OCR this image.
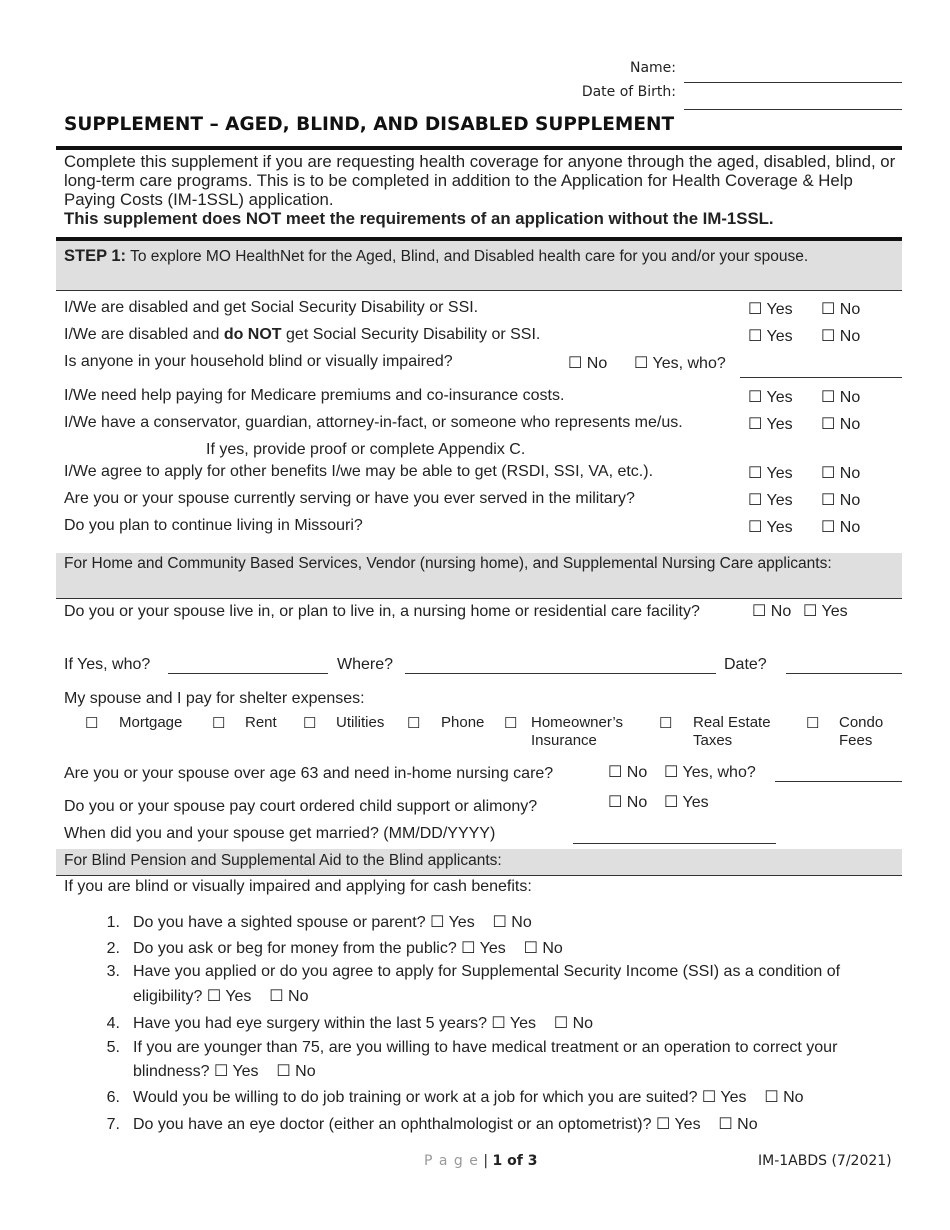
Name:
Date of Birth:
SUPPLEMENT – AGED, BLIND, AND DISABLED SUPPLEMENT
Complete this supplement if you are requesting health coverage for anyone through the aged, disabled, blind, or long-term care programs. This is to be completed in addition to the Application for Health Coverage & Help Paying Costs (IM-1SSL) application.
This supplement does NOT meet the requirements of an application without the IM-1SSL.
STEP 1: To explore MO HealthNet for the Aged, Blind, and Disabled health care for you and/or your spouse.
I/We are disabled and get Social Security Disability or SSI.	☐ Yes ☐ No
I/We are disabled and do NOT get Social Security Disability or SSI.	☐ Yes ☐ No
Is anyone in your household blind or visually impaired?	☐ No ☐ Yes, who?
I/We need help paying for Medicare premiums and co-insurance costs.	☐ Yes ☐ No
I/We have a conservator, guardian, attorney-in-fact, or someone who represents me/us.	☐ Yes ☐ No
If yes, provide proof or complete Appendix C.
I/We agree to apply for other benefits I/we may be able to get (RSDI, SSI, VA, etc.).	☐ Yes ☐ No
Are you or your spouse currently serving or have you ever served in the military?	☐ Yes ☐ No
Do you plan to continue living in Missouri?	☐ Yes ☐ No
For Home and Community Based Services, Vendor (nursing home), and Supplemental Nursing Care applicants:
Do you or your spouse live in, or plan to live in, a nursing home or residential care facility?	☐ No ☐ Yes
If Yes, who?	Where?	Date?
My spouse and I pay for shelter expenses:
☐ Mortgage ☐ Rent ☐ Utilities ☐ Phone ☐ Homeowner’s Insurance
☐ Real Estate Taxes
☐ Condo Fees
Are you or your spouse over age 63 and need in-home nursing care?	☐ No ☐ Yes, who?
Do you or your spouse pay court ordered child support or alimony?	☐ No ☐ Yes
When did you and your spouse get married? (MM/DD/YYYY)
For Blind Pension and Supplemental Aid to the Blind applicants:
If you are blind or visually impaired and applying for cash benefits:
1. Do you have a sighted spouse or parent? ☐ Yes ☐ No
2. Do you ask or beg for money from the public? ☐ Yes ☐ No
3. Have you applied or do you agree to apply for Supplemental Security Income (SSI) as a condition of
eligibility? ☐ Yes ☐ No
4. Have you had eye surgery within the last 5 years? ☐ Yes ☐ No
5. If you are younger than 75, are you willing to have medical treatment or an operation to correct your
blindness? ☐ Yes ☐ No
6. Would you be willing to do job training or work at a job for which you are suited? ☐ Yes ☐ No
7. Do you have an eye doctor (either an ophthalmologist or an optometrist)? ☐ Yes ☐ No
P a g e | 1 of 3	IM-1ABDS (7/2021)
